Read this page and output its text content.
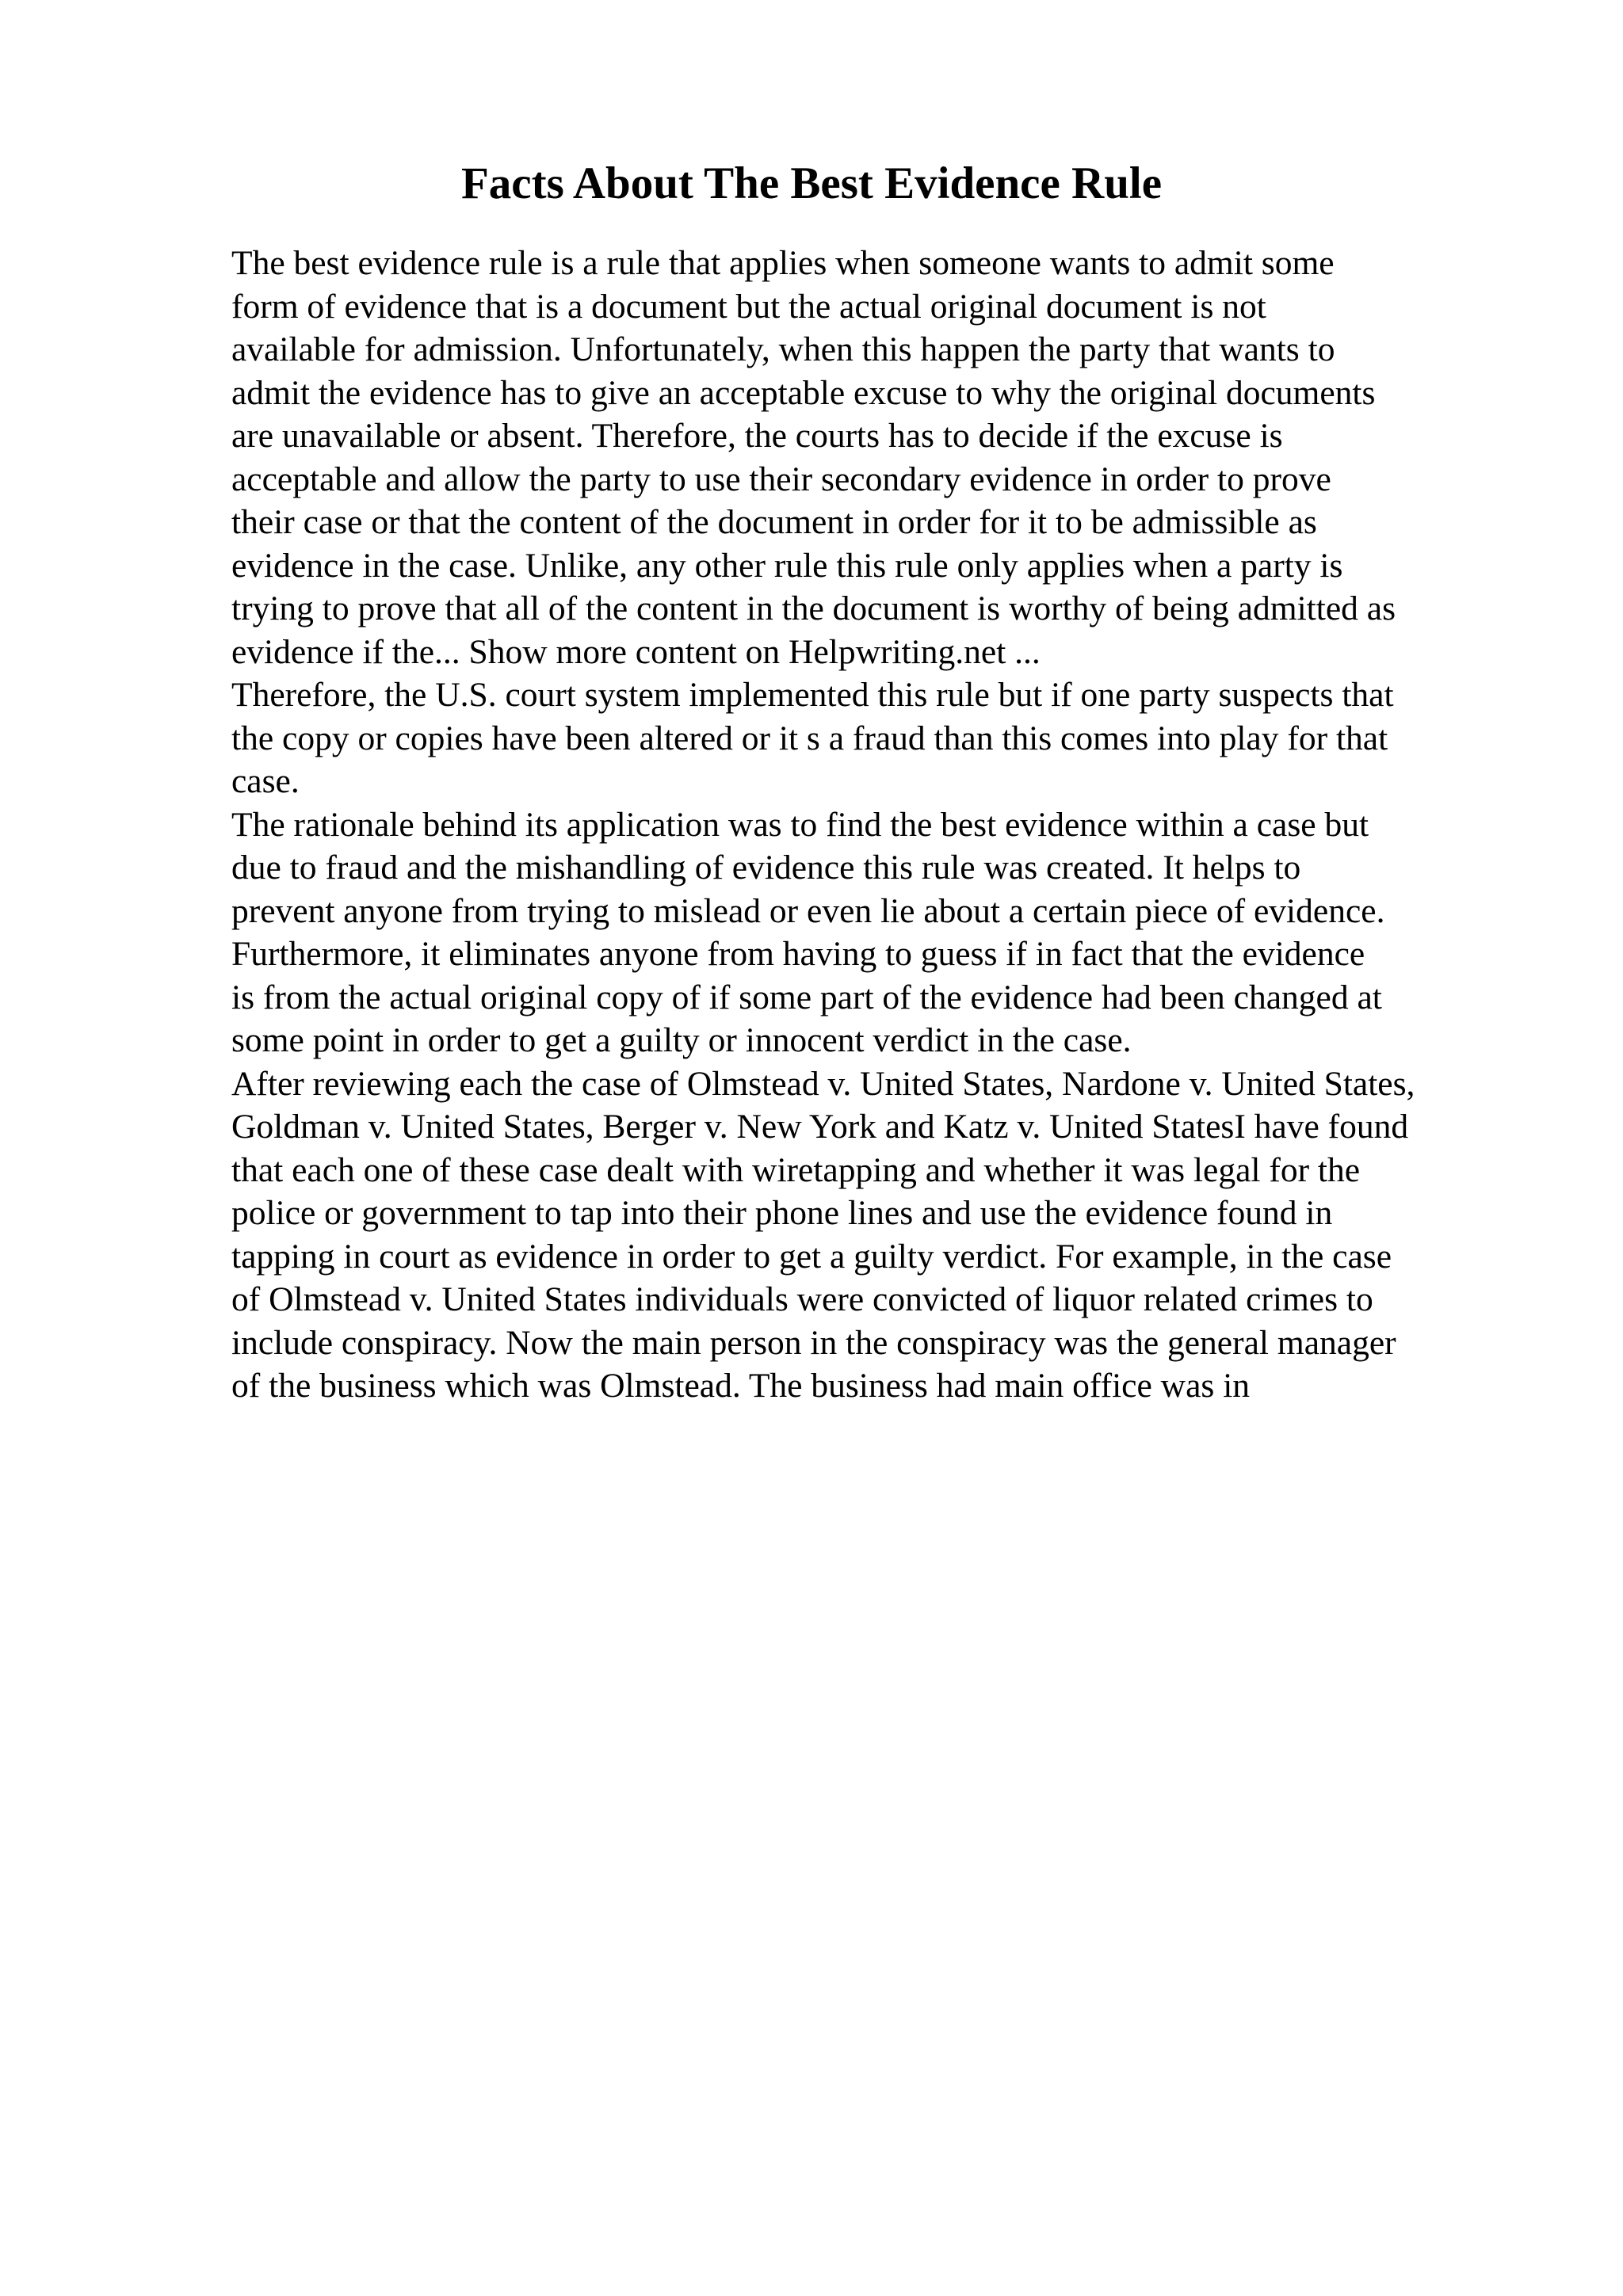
Facts About The Best Evidence Rule
The best evidence rule is a rule that applies when someone wants to admit some
form of evidence that is a document but the actual original document is not
available for admission. Unfortunately, when this happen the party that wants to
admit the evidence has to give an acceptable excuse to why the original documents
are unavailable or absent. Therefore, the courts has to decide if the excuse is
acceptable and allow the party to use their secondary evidence in order to prove
their case or that the content of the document in order for it to be admissible as
evidence in the case. Unlike, any other rule this rule only applies when a party is
trying to prove that all of the content in the document is worthy of being admitted as
evidence if the... Show more content on Helpwriting.net ...
Therefore, the U.S. court system implemented this rule but if one party suspects that
the copy or copies have been altered or it s a fraud than this comes into play for that
case.
The rationale behind its application was to find the best evidence within a case but
due to fraud and the mishandling of evidence this rule was created. It helps to
prevent anyone from trying to mislead or even lie about a certain piece of evidence.
Furthermore, it eliminates anyone from having to guess if in fact that the evidence
is from the actual original copy of if some part of the evidence had been changed at
some point in order to get a guilty or innocent verdict in the case.
After reviewing each the case of Olmstead v. United States, Nardone v. United States,
Goldman v. United States, Berger v. New York and Katz v. United StatesI have found
that each one of these case dealt with wiretapping and whether it was legal for the
police or government to tap into their phone lines and use the evidence found in
tapping in court as evidence in order to get a guilty verdict. For example, in the case
of Olmstead v. United States individuals were convicted of liquor related crimes to
include conspiracy. Now the main person in the conspiracy was the general manager
of the business which was Olmstead. The business had main office was in
